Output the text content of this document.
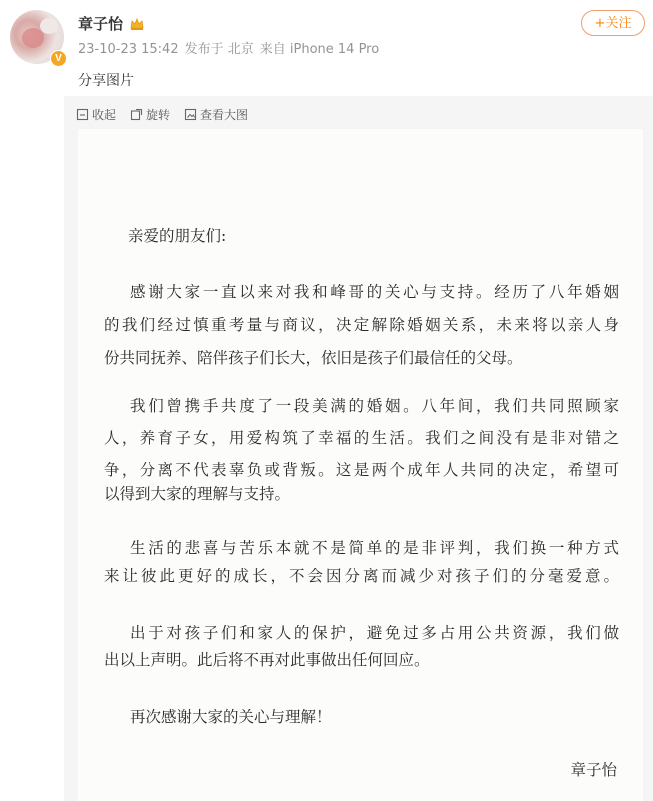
V
章子怡
23-10-23 15:42 发布于 北京 来自 iPhone 14 Pro
+关注
分享图片
收起	旋转	查看大图
亲爱的朋友们:
感谢大家一直以来对我和峰哥的关心与支持。经历了八年婚姻
的我们经过慎重考量与商议，决定解除婚姻关系，未来将以亲人身
份共同抚养、陪伴孩子们长大，依旧是孩子们最信任的父母。
我们曾携手共度了一段美满的婚姻。八年间，我们共同照顾家
人，养育子女，用爱构筑了幸福的生活。我们之间没有是非对错之
争，分离不代表辜负或背叛。这是两个成年人共同的决定，希望可
以得到大家的理解与支持。
生活的悲喜与苦乐本就不是简单的是非评判，我们换一种方式
来让彼此更好的成长，不会因分离而减少对孩子们的分毫爱意。
出于对孩子们和家人的保护，避免过多占用公共资源，我们做
出以上声明。此后将不再对此事做出任何回应。
再次感谢大家的关心与理解！
章子怡
